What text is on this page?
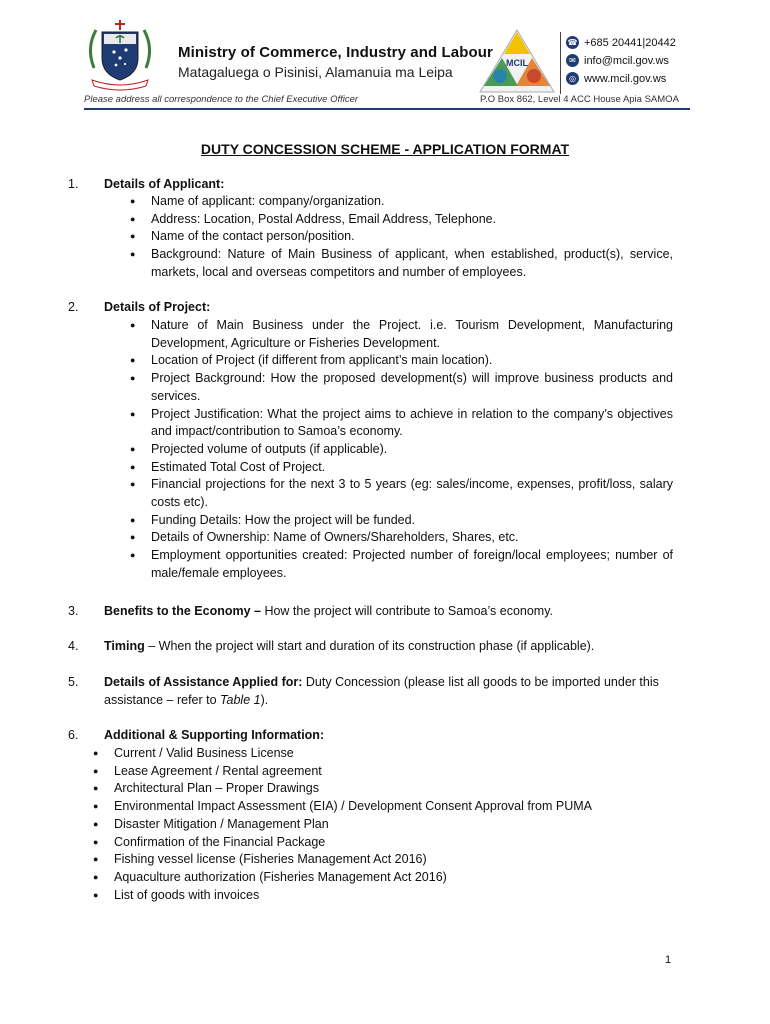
Ministry of Commerce, Industry and Labour
Matagaluega o Pisinisi, Alamanuia ma Leipa
MCIL
☎ +685 20441|20442
✉ info@mcil.gov.ws
◎ www.mcil.gov.ws
Please address all correspondence to the Chief Executive Officer	P.O Box 862, Level 4 ACC House Apia SAMOA
DUTY CONCESSION SCHEME - APPLICATION FORMAT
1. Details of Applicant:
● Name of applicant: company/organization.
● Address: Location, Postal Address, Email Address, Telephone.
● Name of the contact person/position.
● Background: Nature of Main Business of applicant, when established, product(s), service, markets, local and overseas competitors and number of employees.
2. Details of Project:
● Nature of Main Business under the Project. i.e. Tourism Development, Manufacturing Development, Agriculture or Fisheries Development.
● Location of Project (if different from applicant’s main location).
● Project Background: How the proposed development(s) will improve business products and services.
● Project Justification: What the project aims to achieve in relation to the company’s objectives and impact/contribution to Samoa’s economy.
● Projected volume of outputs (if applicable).
● Estimated Total Cost of Project.
● Financial projections for the next 3 to 5 years (eg: sales/income, expenses, profit/loss, salary costs etc).
● Funding Details: How the project will be funded.
● Details of Ownership: Name of Owners/Shareholders, Shares, etc.
● Employment opportunities created: Projected number of foreign/local employees; number of male/female employees.
3. Benefits to the Economy – How the project will contribute to Samoa’s economy.
4. Timing – When the project will start and duration of its construction phase (if applicable).
5. Details of Assistance Applied for: Duty Concession (please list all goods to be imported under this assistance – refer to Table 1).
6. Additional & Supporting Information:
● Current / Valid Business License
● Lease Agreement / Rental agreement
● Architectural Plan – Proper Drawings
● Environmental Impact Assessment (EIA) / Development Consent Approval from PUMA
● Disaster Mitigation / Management Plan
● Confirmation of the Financial Package
● Fishing vessel license (Fisheries Management Act 2016)
● Aquaculture authorization (Fisheries Management Act 2016)
● List of goods with invoices
1
